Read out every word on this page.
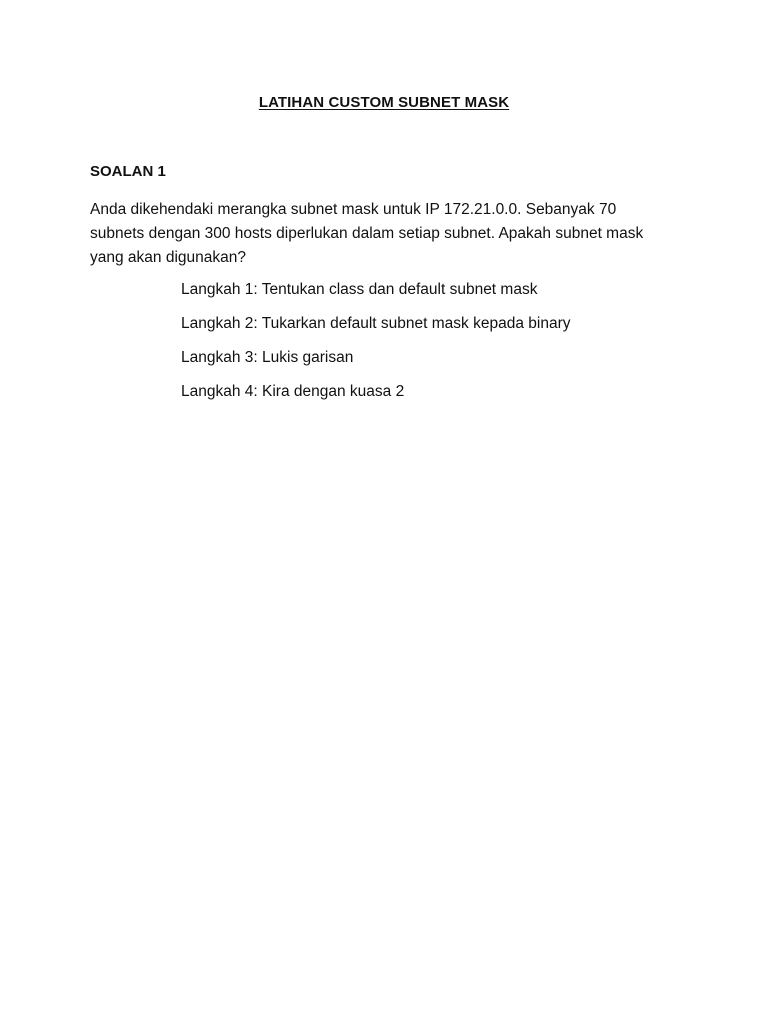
LATIHAN CUSTOM SUBNET MASK
SOALAN 1
Anda dikehendaki merangka subnet mask untuk IP 172.21.0.0. Sebanyak 70
subnets dengan 300 hosts diperlukan dalam setiap subnet. Apakah subnet mask
yang akan digunakan?
Langkah 1: Tentukan class dan default subnet mask
Langkah 2: Tukarkan default subnet mask kepada binary
Langkah 3: Lukis garisan
Langkah 4: Kira dengan kuasa 2
